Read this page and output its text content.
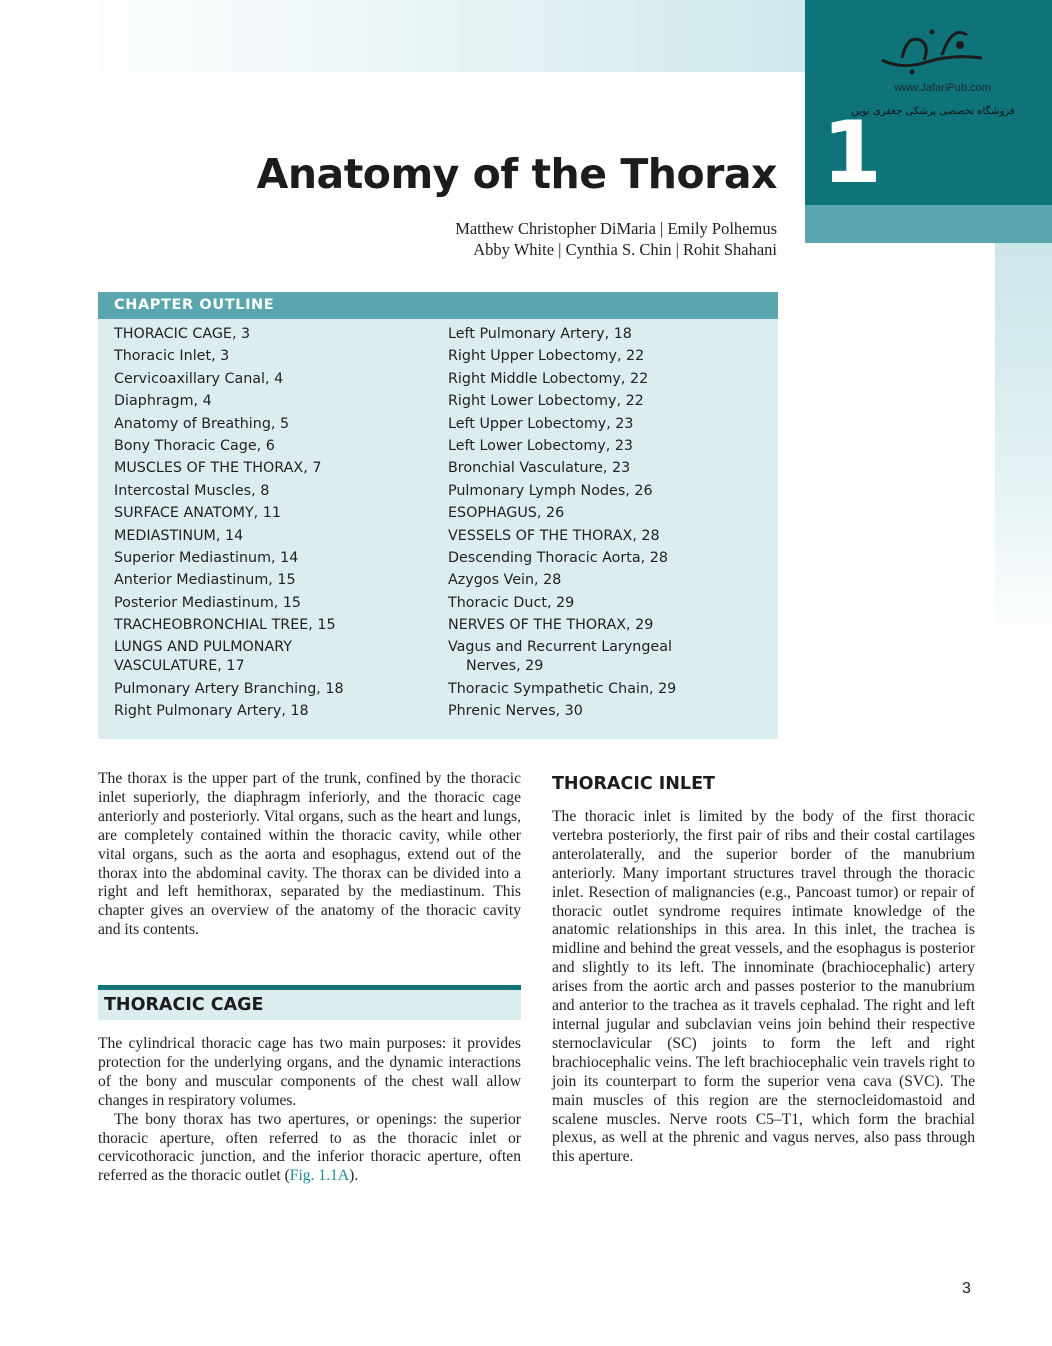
www.JafariPub.com
فروشگاه تخصصی پزشکی جعفری نوین
1
Anatomy of the Thorax
Matthew Christopher DiMaria | Emily Polhemus
Abby White | Cynthia S. Chin | Rohit Shahani
CHAPTER OUTLINE
THORACIC CAGE, 3
Thoracic Inlet, 3
Cervicoaxillary Canal, 4
Diaphragm, 4
Anatomy of Breathing, 5
Bony Thoracic Cage, 6
MUSCLES OF THE THORAX, 7
Intercostal Muscles, 8
SURFACE ANATOMY, 11
MEDIASTINUM, 14
Superior Mediastinum, 14
Anterior Mediastinum, 15
Posterior Mediastinum, 15
TRACHEOBRONCHIAL TREE, 15
LUNGS AND PULMONARY
VASCULATURE, 17
Pulmonary Artery Branching, 18
Right Pulmonary Artery, 18
Left Pulmonary Artery, 18
Right Upper Lobectomy, 22
Right Middle Lobectomy, 22
Right Lower Lobectomy, 22
Left Upper Lobectomy, 23
Left Lower Lobectomy, 23
Bronchial Vasculature, 23
Pulmonary Lymph Nodes, 26
ESOPHAGUS, 26
VESSELS OF THE THORAX, 28
Descending Thoracic Aorta, 28
Azygos Vein, 28
Thoracic Duct, 29
NERVES OF THE THORAX, 29
Vagus and Recurrent Laryngeal
Nerves, 29
Thoracic Sympathetic Chain, 29
Phrenic Nerves, 30

The thorax is the upper part of the trunk, confined by the thoracic inlet superiorly, the diaphragm inferiorly, and the thoracic cage anteriorly and posteriorly. Vital organs, such as the heart and lungs, are completely contained within the thoracic cavity, while other vital organs, such as the aorta and esophagus, extend out of the thorax into the abdominal cavity. The thorax can be divided into a right and left hemithorax, separated by the mediastinum. This chapter gives an overview of the anatomy of the thoracic cavity and its contents.

THORACIC CAGE

The cylindrical thoracic cage has two main purposes: it provides protection for the underlying organs, and the dynamic interactions of the bony and muscular components of the chest wall allow changes in respiratory volumes.

The bony thorax has two apertures, or openings: the superior thoracic aperture, often referred to as the thoracic inlet or cervicothoracic junction, and the inferior thoracic aperture, often referred as the thoracic outlet (Fig. 1.1A).

THORACIC INLET

The thoracic inlet is limited by the body of the first thoracic vertebra posteriorly, the first pair of ribs and their costal cartilages anterolaterally, and the superior border of the manubrium anteriorly. Many important structures travel through the thoracic inlet. Resection of malignancies (e.g., Pancoast tumor) or repair of thoracic outlet syndrome requires intimate knowledge of the anatomic relationships in this area. In this inlet, the trachea is midline and behind the great vessels, and the esophagus is posterior and slightly to its left. The innominate (brachiocephalic) artery arises from the aortic arch and passes posterior to the manubrium and anterior to the trachea as it travels cephalad. The right and left internal jugular and subclavian veins join behind their respective sternoclavicular (SC) joints to form the left and right brachiocephalic veins. The left brachiocephalic vein travels right to join its counterpart to form the superior vena cava (SVC). The main muscles of this region are the sternocleidomastoid and scalene muscles. Nerve roots C5–T1, which form the brachial plexus, as well at the phrenic and vagus nerves, also pass through this aperture.

3
